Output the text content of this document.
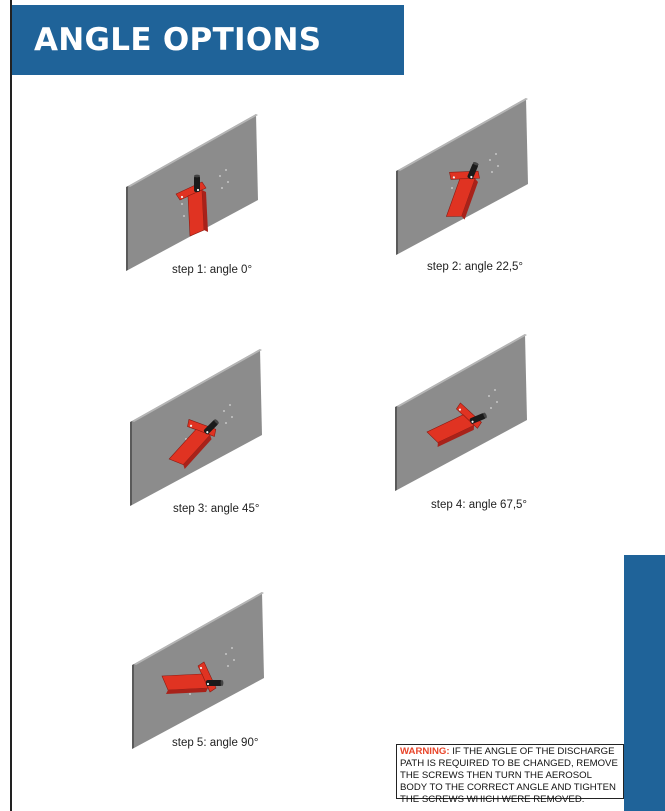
ANGLE OPTIONS
step 1: angle 0°	step 2: angle 22,5°
step 3: angle 45°	step 4: angle 67,5°
step 5: angle 90°
WARNING: IF THE ANGLE OF THE DISCHARGE PATH IS REQUIRED TO BE CHANGED, REMOVE THE SCREWS THEN TURN THE AEROSOL BODY TO THE CORRECT ANGLE AND TIGHTEN THE SCREWS WHICH WERE REMOVED.
